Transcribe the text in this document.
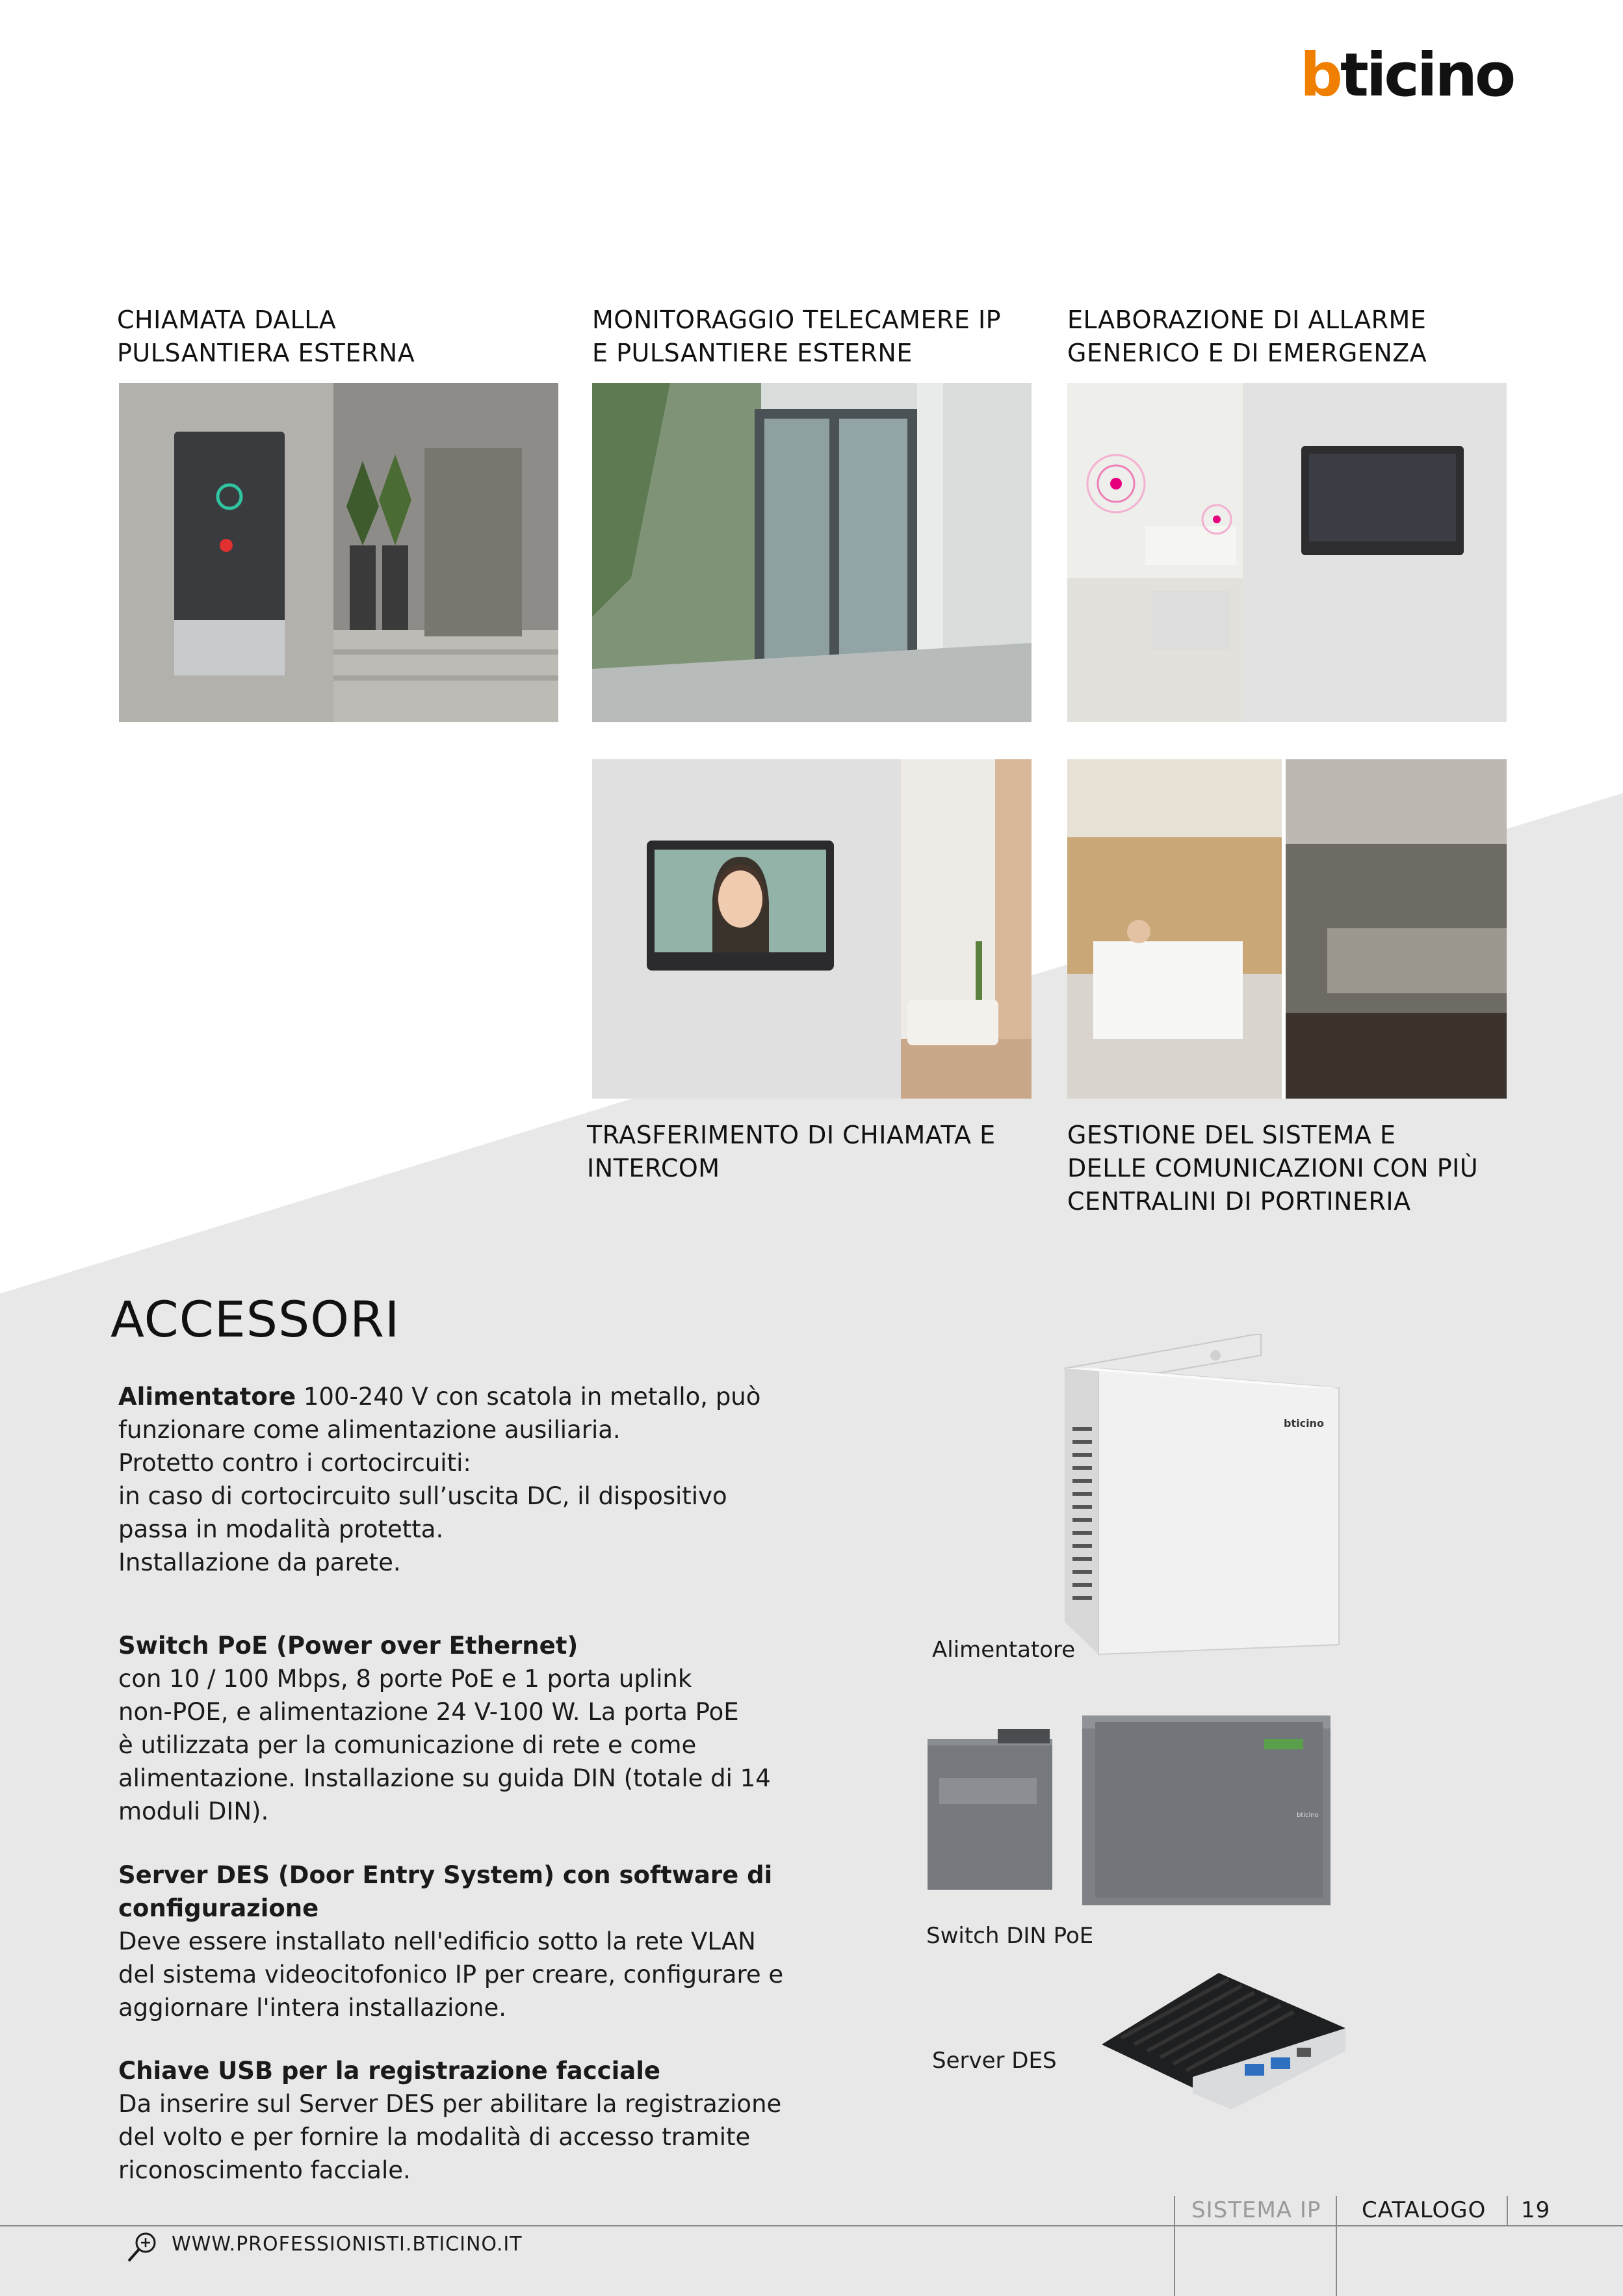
bticino

CHIAMATA DALLA
PULSANTIERA ESTERNA

MONITORAGGIO TELECAMERE IP
E PULSANTIERE ESTERNE

ELABORAZIONE DI ALLARME
GENERICO E DI EMERGENZA

TRASFERIMENTO DI CHIAMATA E
INTERCOM

GESTIONE DEL SISTEMA E
DELLE COMUNICAZIONI CON PIÙ
CENTRALINI DI PORTINERIA

ACCESSORI

Alimentatore 100-240 V con scatola in metallo, può
funzionare come alimentazione ausiliaria.
Protetto contro i cortocircuiti:
in caso di cortocircuito sull’uscita DC, il dispositivo
passa in modalità protetta.
Installazione da parete.

Switch PoE (Power over Ethernet)

con 10 / 100 Mbps, 8 porte PoE e 1 porta uplink
non-POE, e alimentazione 24 V-100 W. La porta PoE
è utilizzata per la comunicazione di rete e come
alimentazione. Installazione su guida DIN (totale di 14
moduli DIN).

Server DES (Door Entry System) con software di
configurazione

Deve essere installato nell'edificio sotto la rete VLAN
del sistema videocitofonico IP per creare, configurare e
aggiornare l'intera installazione.

Chiave USB per la registrazione facciale

Da inserire sul Server DES per abilitare la registrazione
del volto e per fornire la modalità di accesso tramite
riconoscimento facciale.

bticino
Alimentatore
bticino
Switch DIN PoE
Server DES
SISTEMA IP CATALOGO 19
WWW.PROFESSIONISTI.BTICINO.IT
